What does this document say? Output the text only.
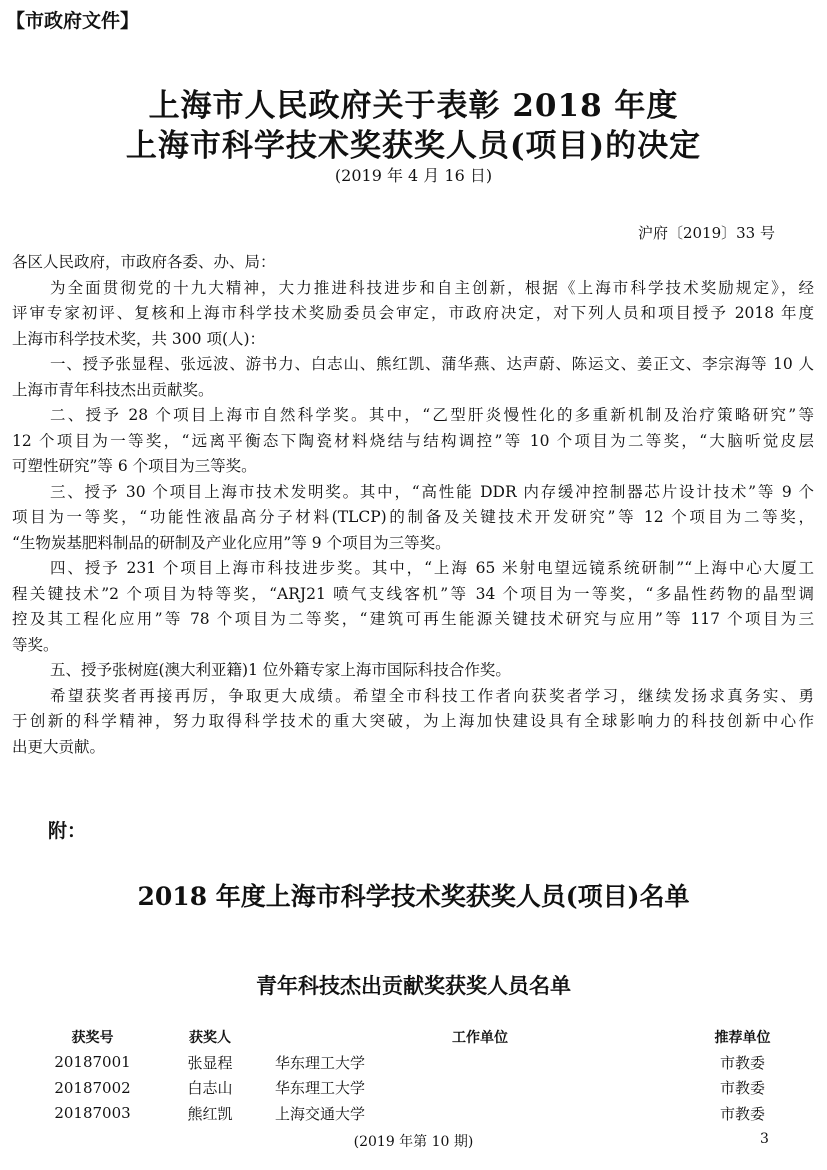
【市政府文件】
上海市人民政府关于表彰 2018 年度
上海市科学技术奖获奖人员(项目)的决定
(2019 年 4 月 16 日)
沪府〔2019〕33 号
各区人民政府，市政府各委、办、局：
为全面贯彻党的十九大精神，大力推进科技进步和自主创新，根据《上海市科学技术奖励规定》，经
评审专家初评、复核和上海市科学技术奖励委员会审定，市政府决定，对下列人员和项目授予 2018 年度
上海市科学技术奖，共 300 项(人)：
一、授予张显程、张远波、游书力、白志山、熊红凯、蒲华燕、达声蔚、陈运文、姜正文、李宗海等 10 人
上海市青年科技杰出贡献奖。
二、授予 28 个项目上海市自然科学奖。其中，“乙型肝炎慢性化的多重新机制及治疗策略研究”等
12 个项目为一等奖，“远离平衡态下陶瓷材料烧结与结构调控”等 10 个项目为二等奖，“大脑听觉皮层
可塑性研究”等 6 个项目为三等奖。
三、授予 30 个项目上海市技术发明奖。其中，“高性能 DDR 内存缓冲控制器芯片设计技术”等 9 个
项目为一等奖，“功能性液晶高分子材料(TLCP)的制备及关键技术开发研究”等 12 个项目为二等奖，
“生物炭基肥料制品的研制及产业化应用”等 9 个项目为三等奖。
四、授予 231 个项目上海市科技进步奖。其中，“上海 65 米射电望远镜系统研制”“上海中心大厦工
程关键技术”2 个项目为特等奖，“ARJ21 喷气支线客机”等 34 个项目为一等奖，“多晶性药物的晶型调
控及其工程化应用”等 78 个项目为二等奖，“建筑可再生能源关键技术研究与应用”等 117 个项目为三
等奖。
五、授予张树庭(澳大利亚籍)1 位外籍专家上海市国际科技合作奖。
希望获奖者再接再厉，争取更大成绩。希望全市科技工作者向获奖者学习，继续发扬求真务实、勇
于创新的科学精神，努力取得科学技术的重大突破，为上海加快建设具有全球影响力的科技创新中心作
出更大贡献。
附：
2018 年度上海市科学技术奖获奖人员(项目)名单
青年科技杰出贡献奖获奖人员名单
获奖号	获奖人	工作单位	推荐单位
20187001	张显程	华东理工大学	市教委
20187002	白志山	华东理工大学	市教委
20187003	熊红凯	上海交通大学	市教委
(2019 年第 10 期)	3
